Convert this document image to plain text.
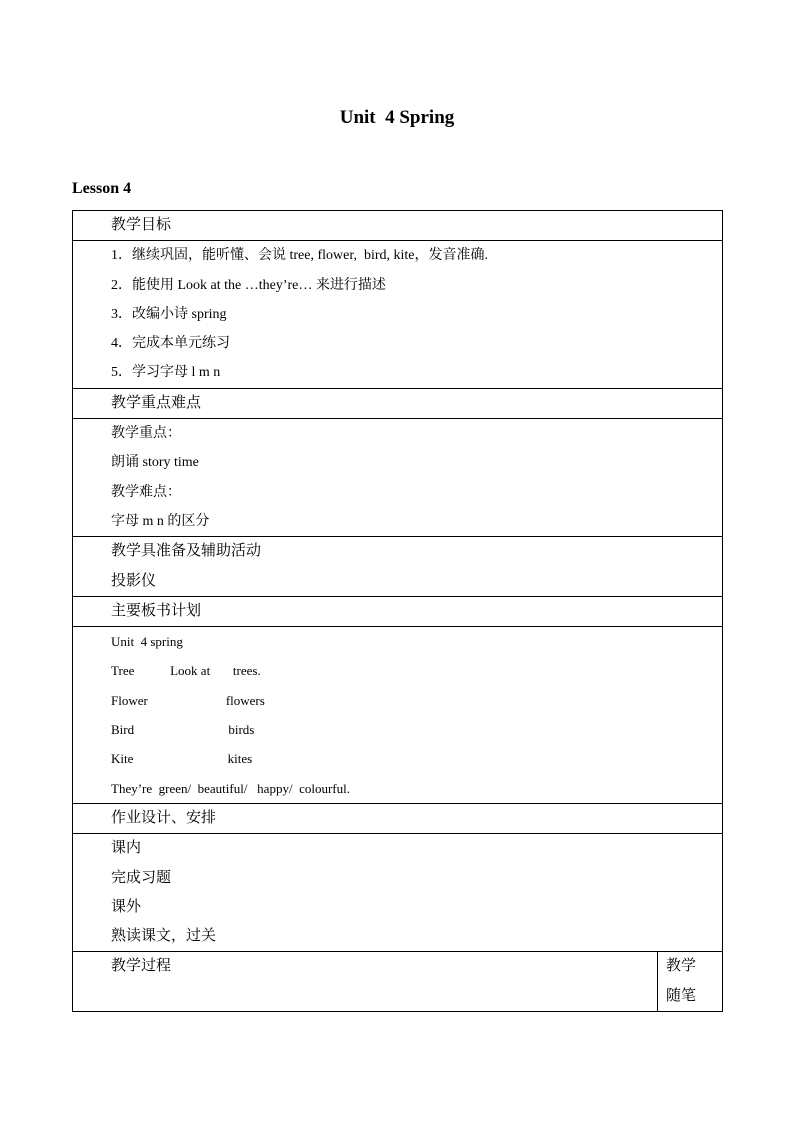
Unit  4 Spring
Lesson 4
教学目标

1．继续巩固，能听懂、会说 tree, flower,  bird, kite，发音准确.
2．能使用 Look at the …they’re… 来进行描述
3．改编小诗 spring
4．完成本单元练习
5．学习字母 l m n

教学重点难点

教学重点：
朗诵 story time
教学难点：
字母 m n 的区分

教学具准备及辅助活动
投影仪

主要板书计划

Unit  4 spring
Tree           Look at       trees.
Flower                        flowers
Bird                             birds
Kite                             kites
They’re  green/  beautiful/   happy/  colourful.

作业设计、安排

课内
完成习题
课外
熟读课文，过关

教学过程	教学
随笔
